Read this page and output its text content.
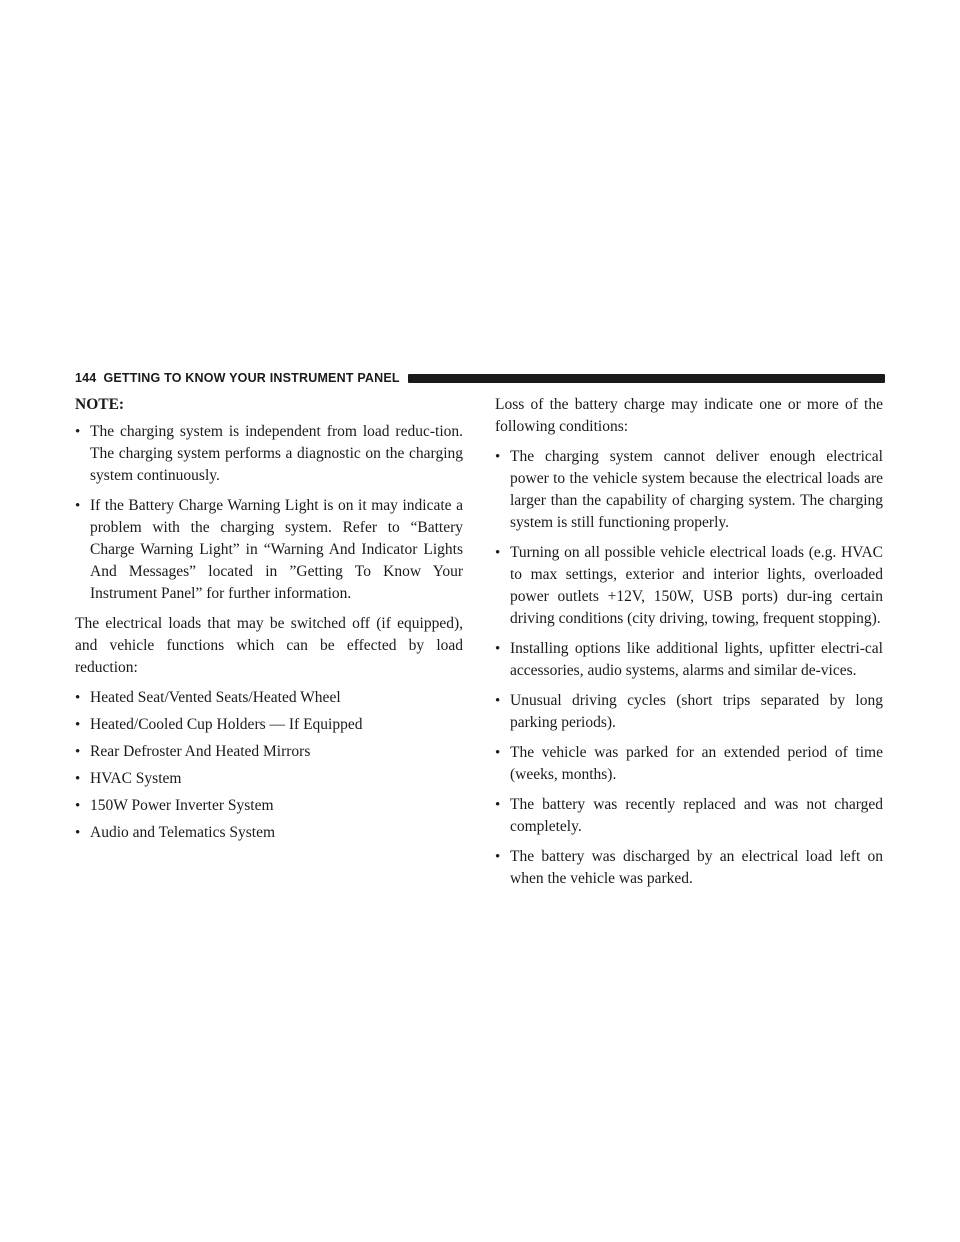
144 GETTING TO KNOW YOUR INSTRUMENT PANEL
NOTE:
• The charging system is independent from load reduc-tion. The charging system performs a diagnostic on the charging system continuously.
• If the Battery Charge Warning Light is on it may indicate a problem with the charging system. Refer to “Battery Charge Warning Light” in “Warning And Indicator Lights And Messages” located in ”Getting To Know Your Instrument Panel” for further information.

The electrical loads that may be switched off (if equipped), and vehicle functions which can be effected by load reduction:

• Heated Seat/Vented Seats/Heated Wheel
• Heated/Cooled Cup Holders — If Equipped
• Rear Defroster And Heated Mirrors
• HVAC System
• 150W Power Inverter System
• Audio and Telematics System

Loss of the battery charge may indicate one or more of the following conditions:

• The charging system cannot deliver enough electrical power to the vehicle system because the electrical loads are larger than the capability of charging system. The charging system is still functioning properly.
• Turning on all possible vehicle electrical loads (e.g. HVAC to max settings, exterior and interior lights, overloaded power outlets +12V, 150W, USB ports) dur-ing certain driving conditions (city driving, towing, frequent stopping).
• Installing options like additional lights, upfitter electri-cal accessories, audio systems, alarms and similar de-vices.
• Unusual driving cycles (short trips separated by long parking periods).
• The vehicle was parked for an extended period of time (weeks, months).
• The battery was recently replaced and was not charged completely.
• The battery was discharged by an electrical load left on when the vehicle was parked.
